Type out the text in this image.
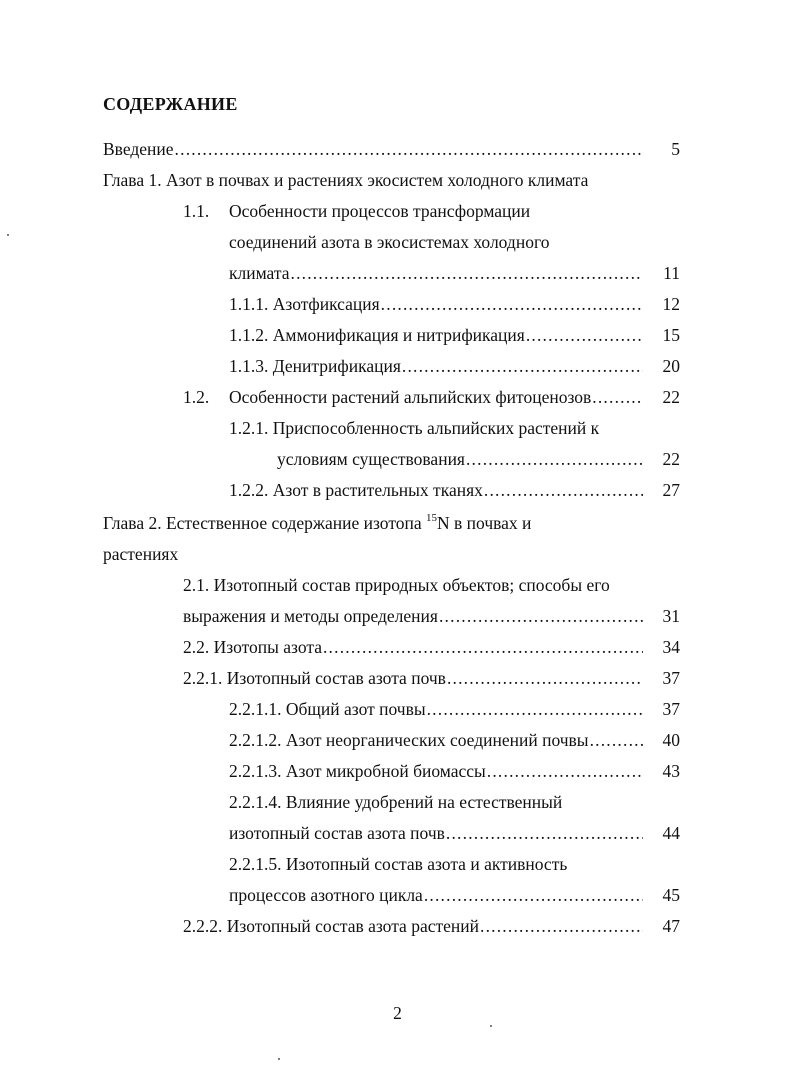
СОДЕРЖАНИЕ
Введение .....	5
Глава 1. Азот в почвах и растениях экосистем холодного климата
1.1. Особенности процессов трансформации
соединений азота в экосистемах холодного
климата .....	11
1.1.1. Азотфиксация .....	12
1.1.2. Аммонификация и нитрификация .....	15
1.1.3. Денитрификация .....	20
1.2. Особенности растений альпийских фитоценозов .....	22
1.2.1. Приспособленность альпийских растений к
условиям существования .....	22
1.2.2. Азот в растительных тканях .....	27
Глава 2. Естественное содержание изотопа $^{15}$N в почвах и
растениях
2.1. Изотопный состав природных объектов; способы его
выражения и методы определения .....	31
2.2. Изотопы азота .....	34
2.2.1. Изотопный состав азота почв .....	37
2.2.1.1. Общий азот почвы .....	37
2.2.1.2. Азот неорганических соединений почвы .....	40
2.2.1.3. Азот микробной биомассы .....	43
2.2.1.4. Влияние удобрений на естественный
изотопный состав азота почв .....	44
2.2.1.5. Изотопный состав азота и активность
процессов азотного цикла .....	45
2.2.2. Изотопный состав азота растений .....	47
2
